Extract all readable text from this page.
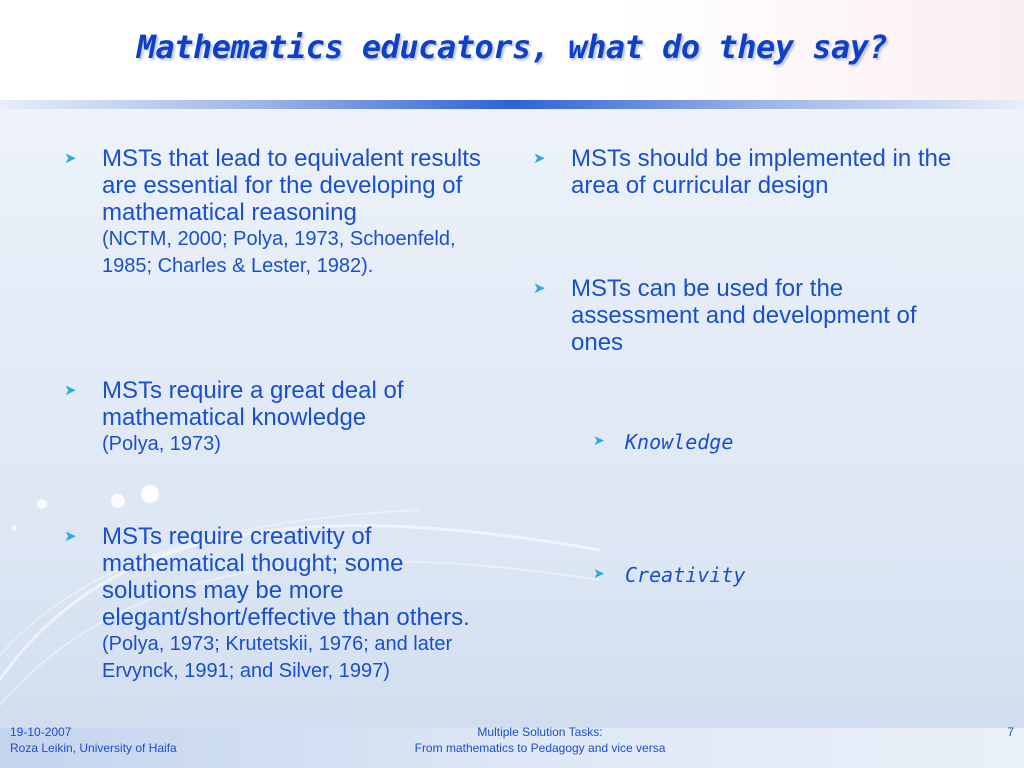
Mathematics educators, what do they say?
➤ MSTs that lead to equivalent results are essential for the developing of mathematical reasoning
(NCTM, 2000; Polya, 1973, Schoenfeld, 1985; Charles & Lester, 1982).
➤ MSTs require a great deal of mathematical knowledge
(Polya, 1973)
➤ MSTs require creativity of mathematical thought; some solutions may be more elegant/short/effective than others.
(Polya, 1973; Krutetskii, 1976; and later Ervynck, 1991; and Silver, 1997)
➤ MSTs should be implemented in the area of curricular design
➤ MSTs can be used for the assessment and development of ones
➤ Knowledge
➤ Creativity
19-10-2007
Roza Leikin, University of Haifa
Multiple Solution Tasks:
From mathematics to Pedagogy and vice versa
7
